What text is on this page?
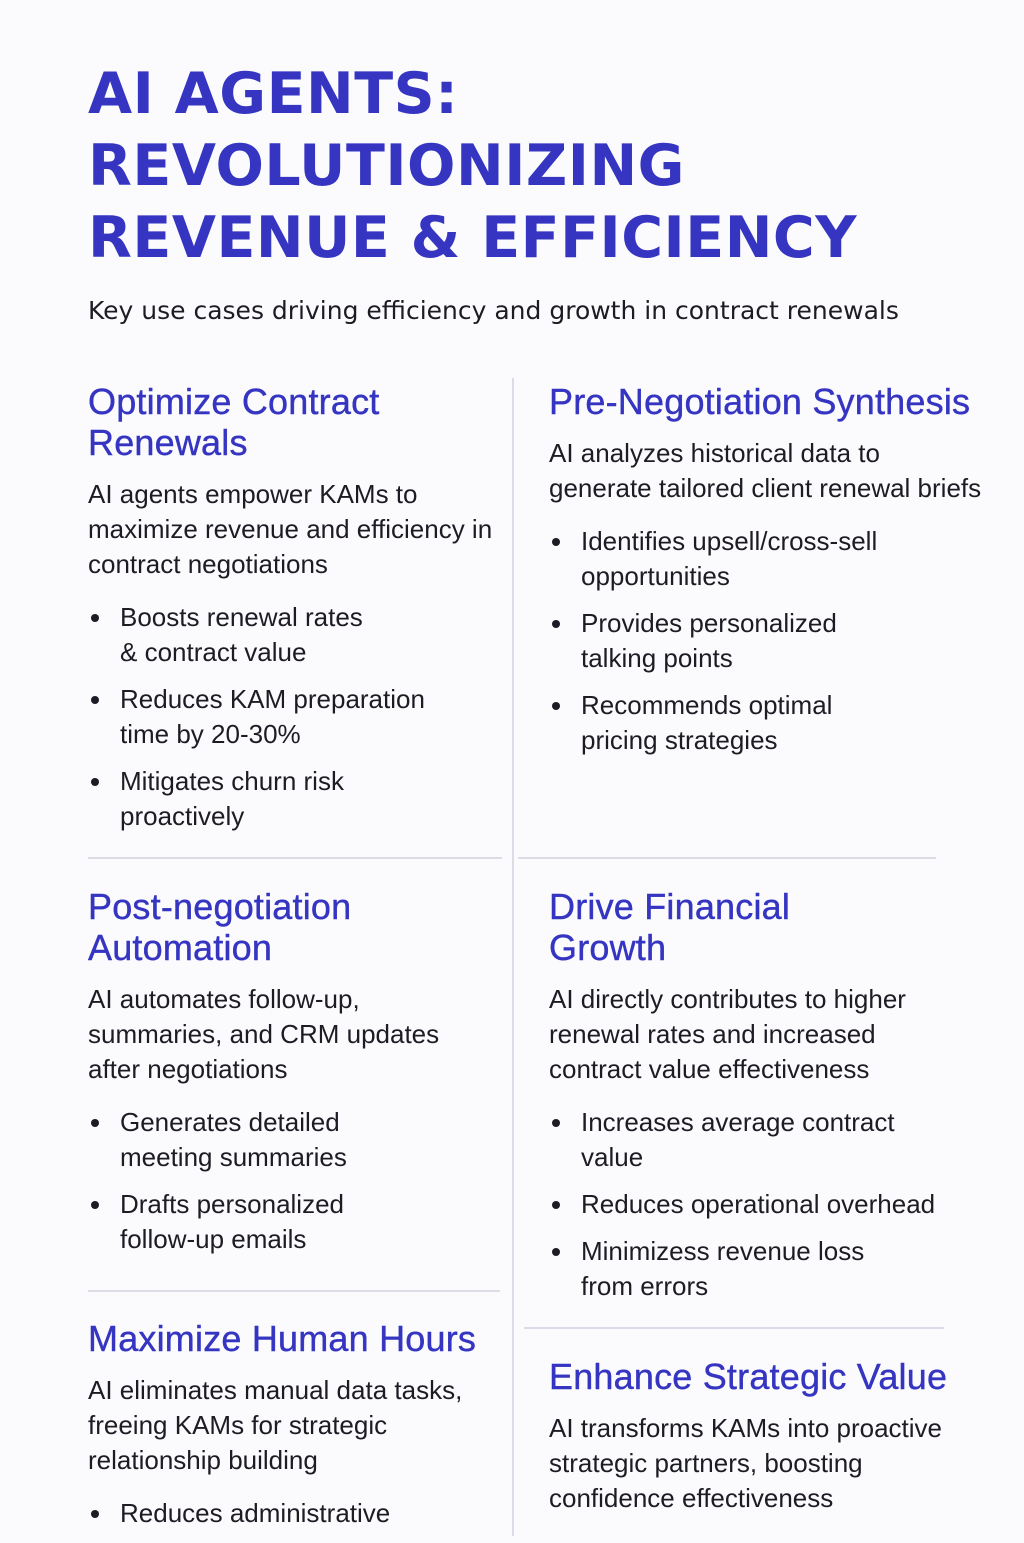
AI AGENTS: REVOLUTIONIZING REVENUE & EFFICIENCY

Key use cases driving efficiency and growth in contract renewals

Optimize Contract Renewals

AI agents empower KAMs to maximize revenue and efficiency in contract negotiations

Boosts renewal rates & contract value
Reduces KAM preparation time by 20-30%
Mitigates churn risk proactively
Pre-Negotiation Synthesis

AI analyzes historical data to generate tailored client renewal briefs

Identifies upsell/cross-sell opportunities
Provides personalized talking points
Recommends optimal pricing strategies
Post-negotiation Automation

AI automates follow-up, summaries, and CRM updates after negotiations

Generates detailed meeting summaries
Drafts personalized follow-up emails
Drive Financial Growth

AI directly contributes to higher renewal rates and increased contract value effectiveness

Increases average contract value
Reduces operational overhead
Minimizess revenue loss from errors
Maximize Human Hours

AI eliminates manual data tasks, freeing KAMs for strategic relationship building

Reduces administrative
Enhance Strategic Value

AI transforms KAMs into proactive strategic partners, boosting confidence effectiveness
